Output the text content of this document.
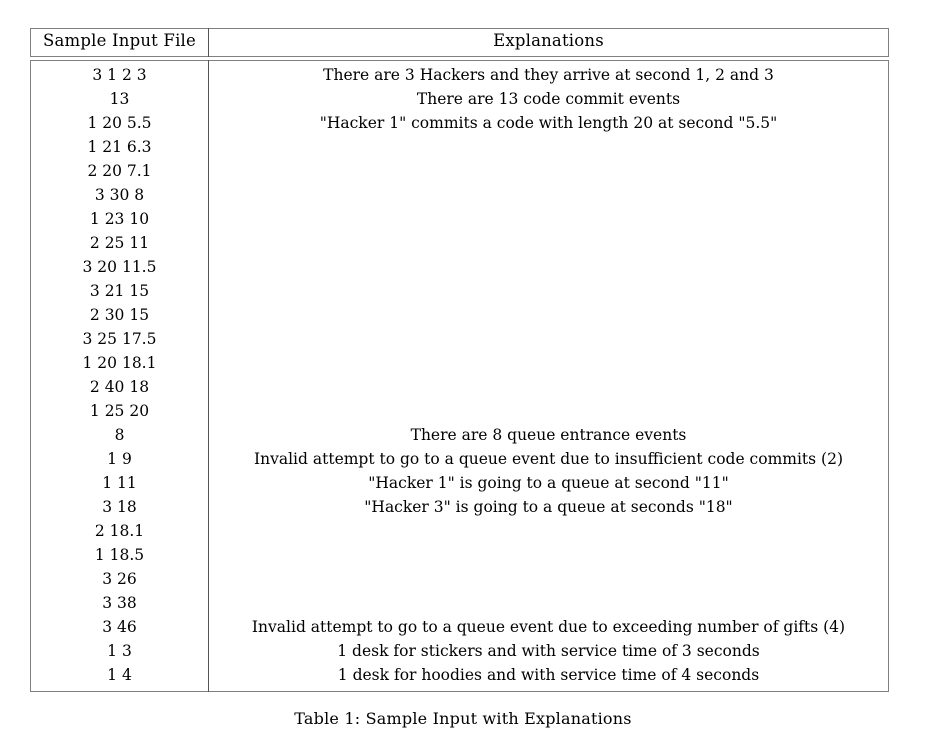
Sample Input File	Explanations
3 1 2 3	There are 3 Hackers and they arrive at second 1, 2 and 3
13	There are 13 code commit events
1 20 5.5	"Hacker 1" commits a code with length 20 at second "5.5"
1 21 6.3	
2 20 7.1	
3 30 8	
1 23 10	
2 25 11	
3 20 11.5	
3 21 15	
2 30 15	
3 25 17.5	
1 20 18.1	
2 40 18	
1 25 20	
8	There are 8 queue entrance events
1 9	Invalid attempt to go to a queue event due to insufficient code commits (2)
1 11	"Hacker 1" is going to a queue at second "11"
3 18	"Hacker 3" is going to a queue at seconds "18"
2 18.1	
1 18.5	
3 26	
3 38	
3 46	Invalid attempt to go to a queue event due to exceeding number of gifts (4)
1 3	1 desk for stickers and with service time of 3 seconds
1 4	1 desk for hoodies and with service time of 4 seconds
Table 1: Sample Input with Explanations
